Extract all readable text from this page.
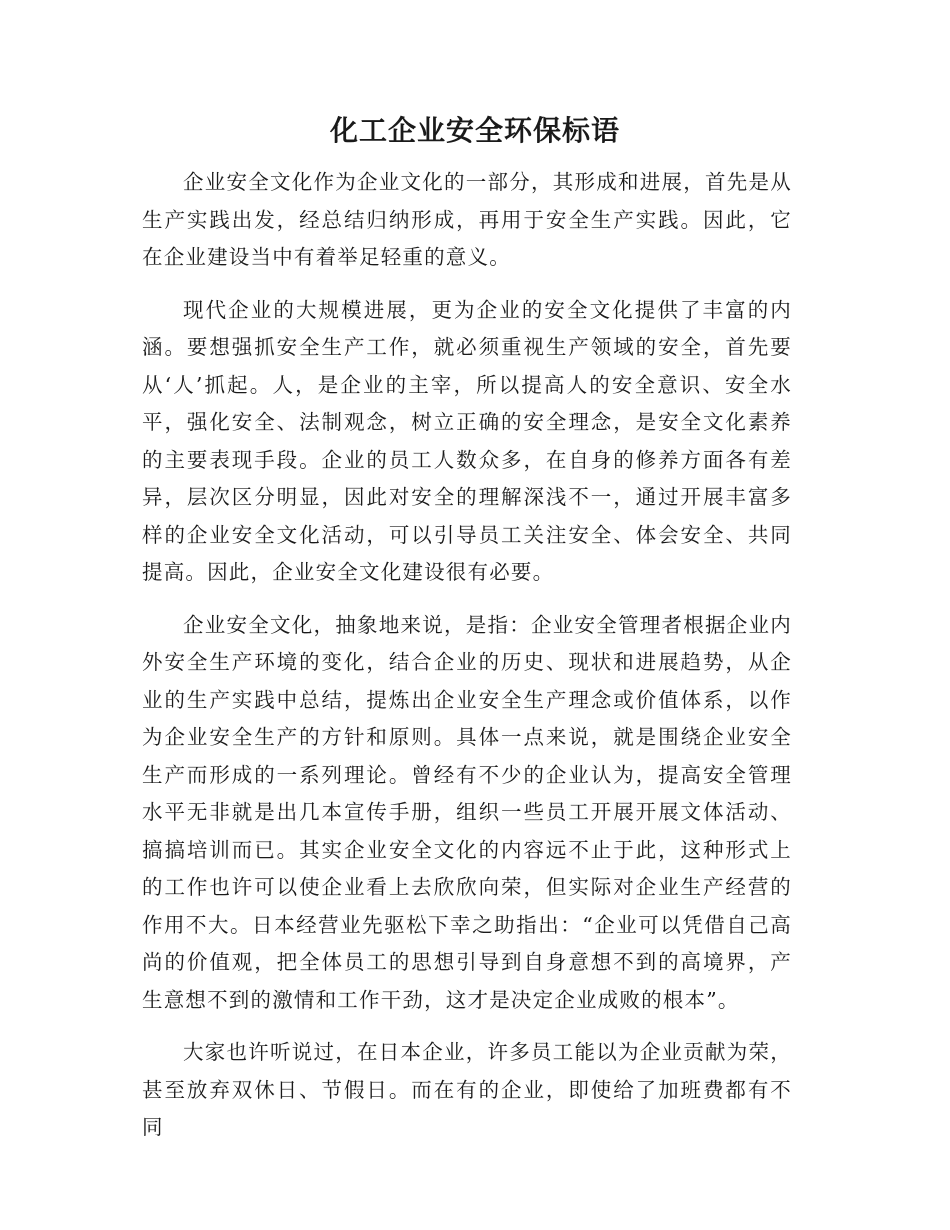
化工企业安全环保标语

企业安全文化作为企业文化的一部分，其形成和进展，首先是从生产实践出发，经总结归纳形成，再用于安全生产实践。因此，它在企业建设当中有着举足轻重的意义。

现代企业的大规模进展，更为企业的安全文化提供了丰富的内涵。要想强抓安全生产工作，就必须重视生产领域的安全，首先要从‘人’抓起。人，是企业的主宰，所以提高人的安全意识、安全水平，强化安全、法制观念，树立正确的安全理念，是安全文化素养的主要表现手段。企业的员工人数众多，在自身的修养方面各有差异，层次区分明显，因此对安全的理解深浅不一，通过开展丰富多样的企业安全文化活动，可以引导员工关注安全、体会安全、共同提高。因此，企业安全文化建设很有必要。

企业安全文化，抽象地来说，是指：企业安全管理者根据企业内外安全生产环境的变化，结合企业的历史、现状和进展趋势，从企业的生产实践中总结，提炼出企业安全生产理念或价值体系，以作为企业安全生产的方针和原则。具体一点来说，就是围绕企业安全生产而形成的一系列理论。曾经有不少的企业认为，提高安全管理水平无非就是出几本宣传手册，组织一些员工开展开展文体活动、搞搞培训而已。其实企业安全文化的内容远不止于此，这种形式上的工作也许可以使企业看上去欣欣向荣，但实际对企业生产经营的作用不大。日本经营业先驱松下幸之助指出：“企业可以凭借自己高尚的价值观，把全体员工的思想引导到自身意想不到的高境界，产生意想不到的激情和工作干劲，这才是决定企业成败的根本”。

大家也许听说过，在日本企业，许多员工能以为企业贡献为荣，甚至放弃双休日、节假日。而在有的企业，即使给了加班费都有不同
